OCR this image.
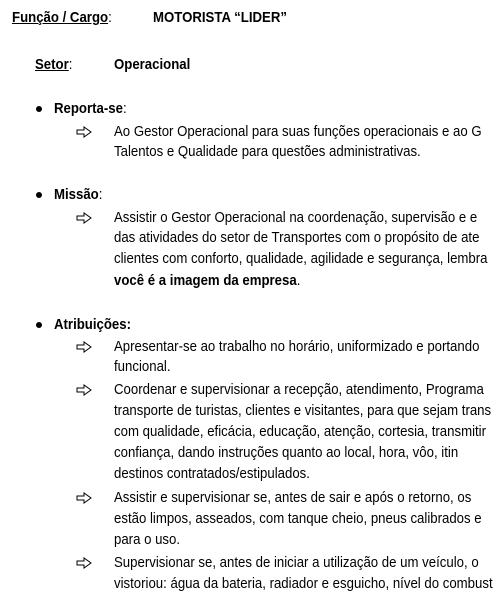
Função / Cargo:	MOTORISTA “LIDER”
Setor:	Operacional
Reporta-se:
Ao Gestor Operacional para suas funções operacionais e ao G
Talentos e Qualidade para questões administrativas.
Missão:
Assistir o Gestor Operacional na coordenação, supervisão e e
das atividades do setor de Transportes com o propósito de ate
clientes com conforto, qualidade, agilidade e segurança, lembra
você é a imagem da empresa.
Atribuições:
Apresentar-se ao trabalho no horário, uniformizado e portando
funcional.
Coordenar e supervisionar a recepção, atendimento, Programa
transporte de turistas, clientes e visitantes, para que sejam trans
com qualidade, eficácia, educação, atenção, cortesia, transmitir
confiança, dando instruções quanto ao local, hora, vôo, itin
destinos contratados/estipulados.
Assistir e supervisionar se, antes de sair e após o retorno, os
estão limpos, asseados, com tanque cheio, pneus calibrados e
para o uso.
Supervisionar se, antes de iniciar a utilização de um veículo, o
vistoriou: água da bateria, radiador e esguicho, nível do combust
